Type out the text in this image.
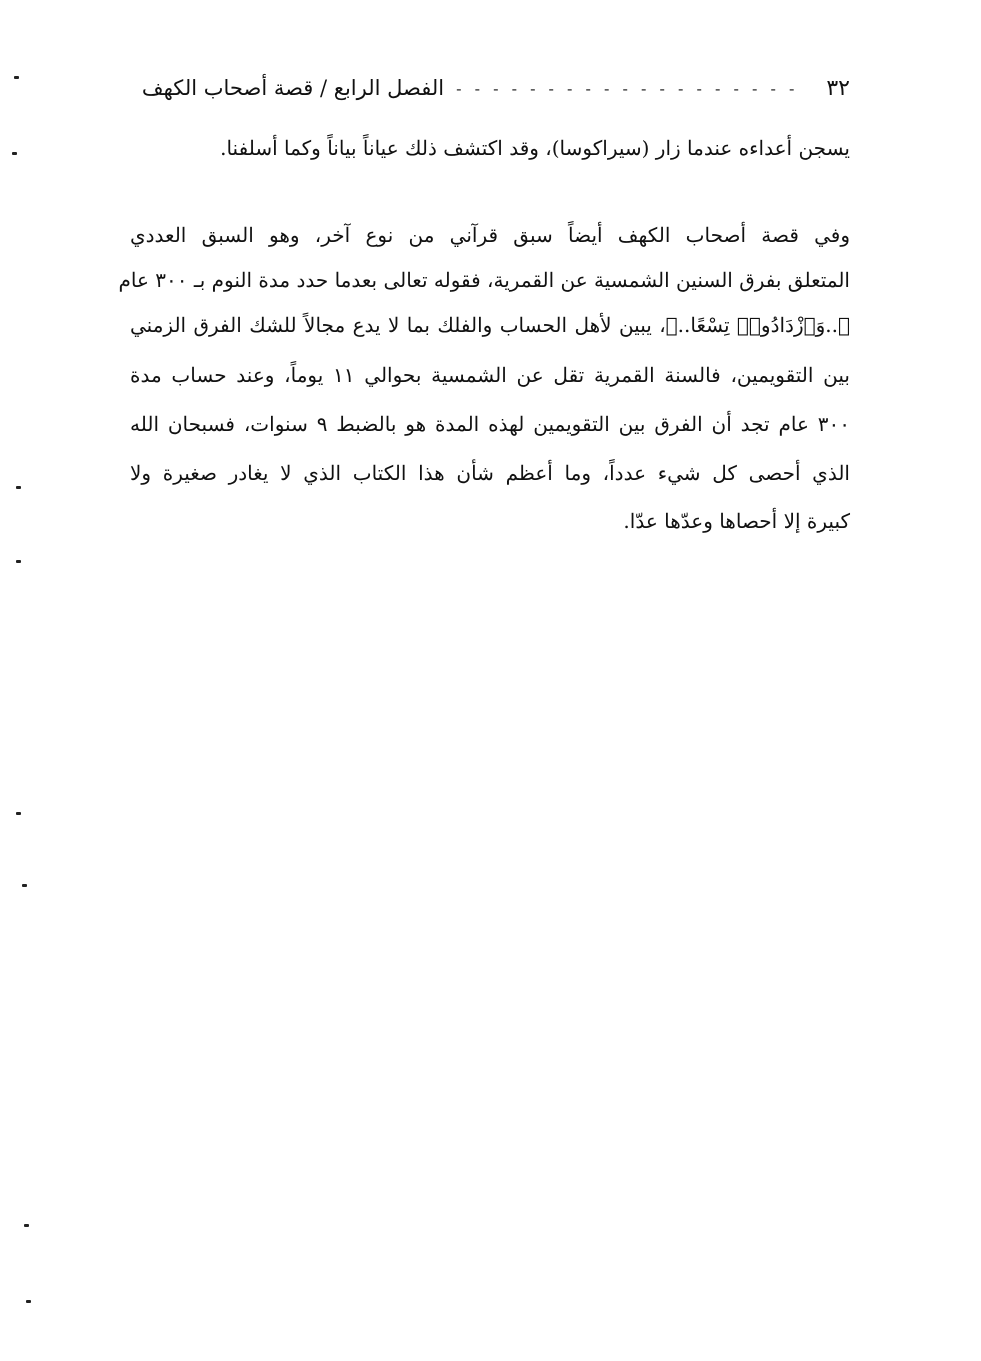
٣٢
- - - - - - - - - - - - - - - - - - -
الفصل الرابع / قصة أصحاب الكهف
يسجن أعداءه عندما زار (سيراكوسا)، وقد اكتشف ذلك عياناً بياناً وكما أسلفنا.
وفي قصة أصحاب الكهف أيضاً سبق قرآني من نوع آخر، وهو السبق العددي
المتعلق بفرق السنين الشمسية عن القمرية، فقوله تعالى بعدما حدد مدة النوم بـ ٣٠٠ عام
﴿..وَٱزْدَادُوا۟ تِسْعًا..﴾، يبين لأهل الحساب والفلك بما لا يدع مجالاً للشك الفرق الزمني
بين التقويمين، فالسنة القمرية تقل عن الشمسية بحوالي ١١ يوماً، وعند حساب مدة
٣٠٠ عام تجد أن الفرق بين التقويمين لهذه المدة هو بالضبط ٩ سنوات، فسبحان الله
الذي أحصى كل شيء عدداً، وما أعظم شأن هذا الكتاب الذي لا يغادر صغيرة ولا
كبيرة إلا أحصاها وعدّها عدّا.
